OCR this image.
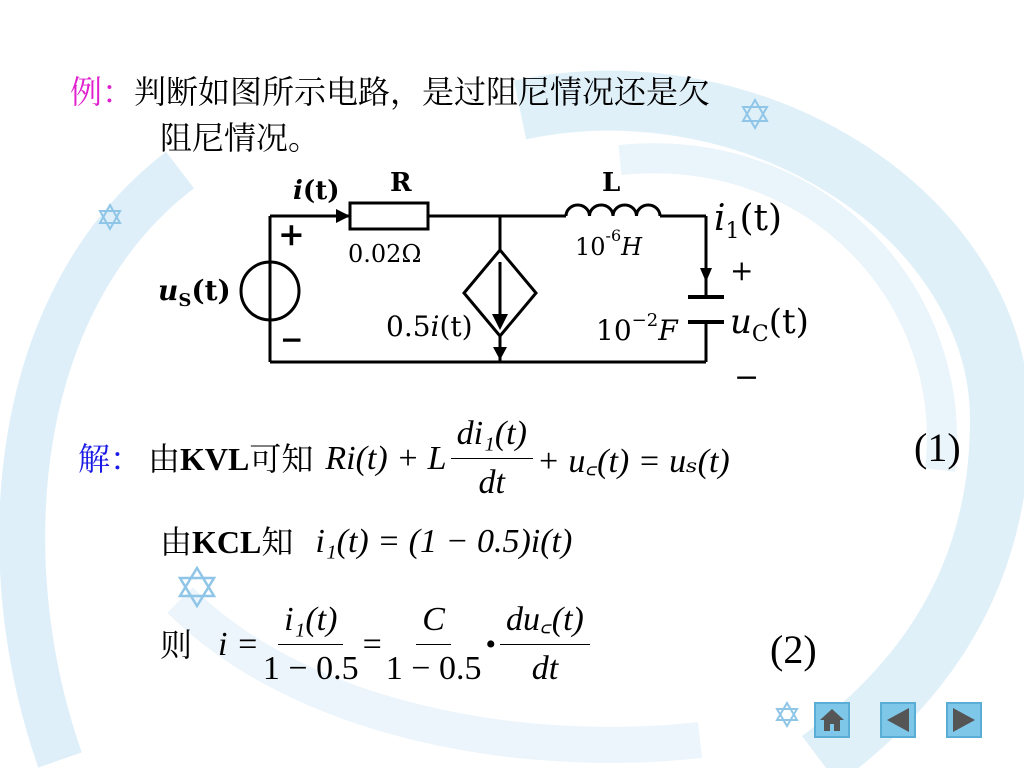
例：判断如图所示电路，是过阻尼情况还是欠
阻尼情况。
i(t) R	L
0.02Ω	$10^{-6}H$
$u_S(t)$
+
−	0.5i(t)	$10^{-2}F$
$i_1(t)$
+
$u_C(t)$
−
解： 由 KVL 可知 Ri(t) + L $\frac{\text{di₁(t)}}{dt}$ + u꜀(t) = uₛ(t)	(1)
由 KCL 知 i₁(t) = (1 − 0.5)i(t)
则 $i = \frac{\text{i₁(t)}}{1 - 0.5} = \frac{C}{1 - 0.5}$ • $\frac{du꜀(t)}{dt}$	(2)
